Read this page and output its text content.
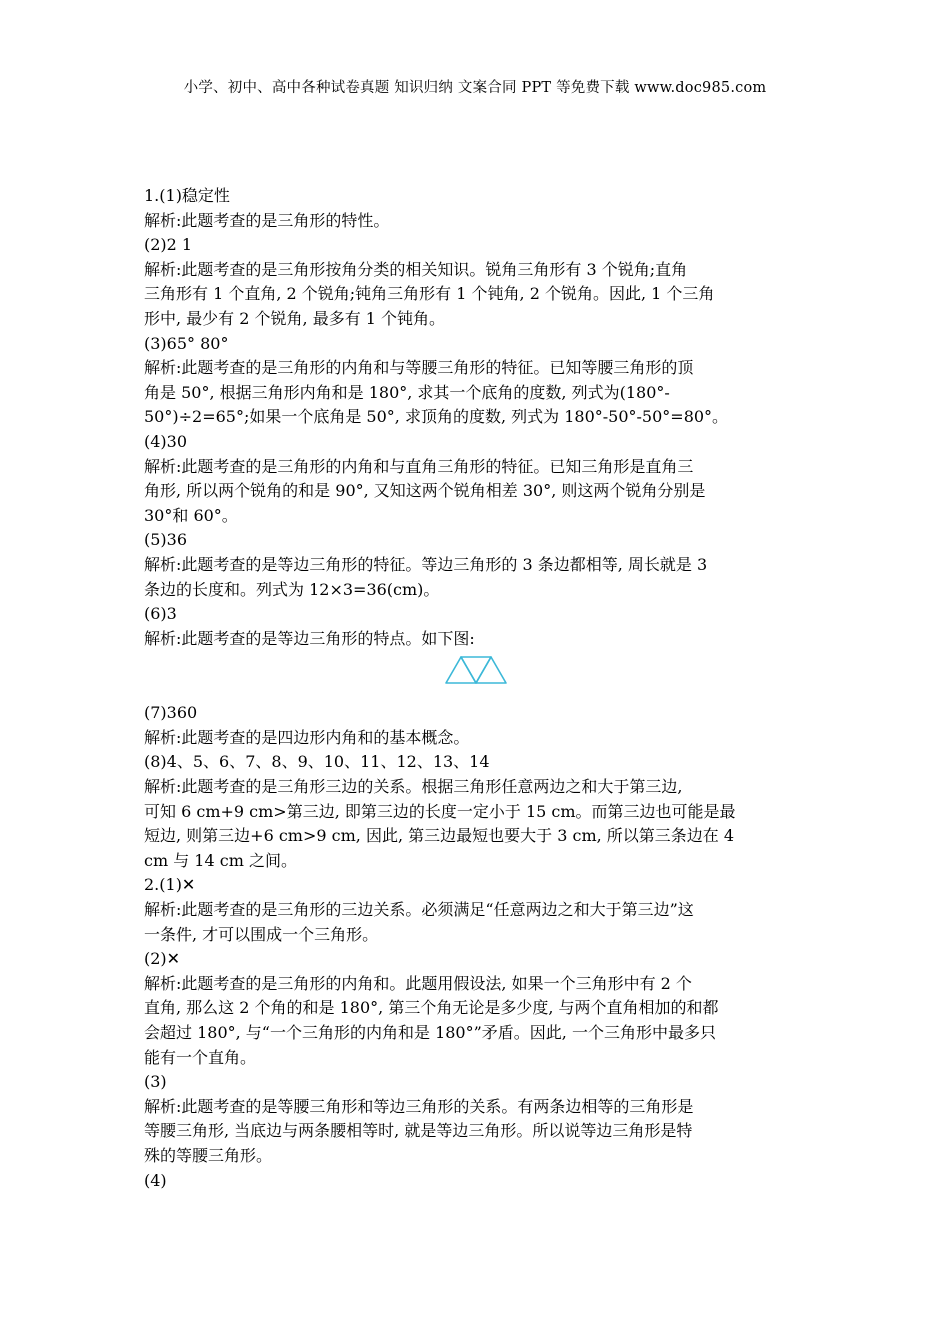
小学、初中、高中各种试卷真题 知识归纳 文案合同 PPT 等免费下载 www.doc985.com
1.(1)稳定性
解析:此题考查的是三角形的特性。
(2)2 1
解析:此题考查的是三角形按角分类的相关知识。锐角三角形有 3 个锐角;直角
三角形有 1 个直角, 2 个锐角;钝角三角形有 1 个钝角, 2 个锐角。因此, 1 个三角
形中, 最少有 2 个锐角, 最多有 1 个钝角。
(3)65° 80°
解析:此题考查的是三角形的内角和与等腰三角形的特征。已知等腰三角形的顶
角是 50°, 根据三角形内角和是 180°, 求其一个底角的度数, 列式为(180°-
50°)÷2=65°;如果一个底角是 50°, 求顶角的度数, 列式为 180°-50°-50°=80°。
(4)30
解析:此题考查的是三角形的内角和与直角三角形的特征。已知三角形是直角三
角形, 所以两个锐角的和是 90°, 又知这两个锐角相差 30°, 则这两个锐角分别是
30°和 60°。
(5)36
解析:此题考查的是等边三角形的特征。等边三角形的 3 条边都相等, 周长就是 3
条边的长度和。列式为 12×3=36(cm)。
(6)3
解析:此题考查的是等边三角形的特点。如下图:
(7)360
解析:此题考查的是四边形内角和的基本概念。
(8)4、5、6、7、8、9、10、11、12、13、14
解析:此题考查的是三角形三边的关系。根据三角形任意两边之和大于第三边,
可知 6 cm+9 cm>第三边, 即第三边的长度一定小于 15 cm。而第三边也可能是最
短边, 则第三边+6 cm>9 cm, 因此, 第三边最短也要大于 3 cm, 所以第三条边在 4
cm 与 14 cm 之间。
2.(1)✕
解析:此题考查的是三角形的三边关系。必须满足“任意两边之和大于第三边”这
一条件, 才可以围成一个三角形。
(2)✕
解析:此题考查的是三角形的内角和。此题用假设法, 如果一个三角形中有 2 个
直角, 那么这 2 个角的和是 180°, 第三个角无论是多少度, 与两个直角相加的和都
会超过 180°, 与“一个三角形的内角和是 180°”矛盾。因此, 一个三角形中最多只
能有一个直角。
(3)
解析:此题考查的是等腰三角形和等边三角形的关系。有两条边相等的三角形是
等腰三角形, 当底边与两条腰相等时, 就是等边三角形。所以说等边三角形是特
殊的等腰三角形。
(4)
